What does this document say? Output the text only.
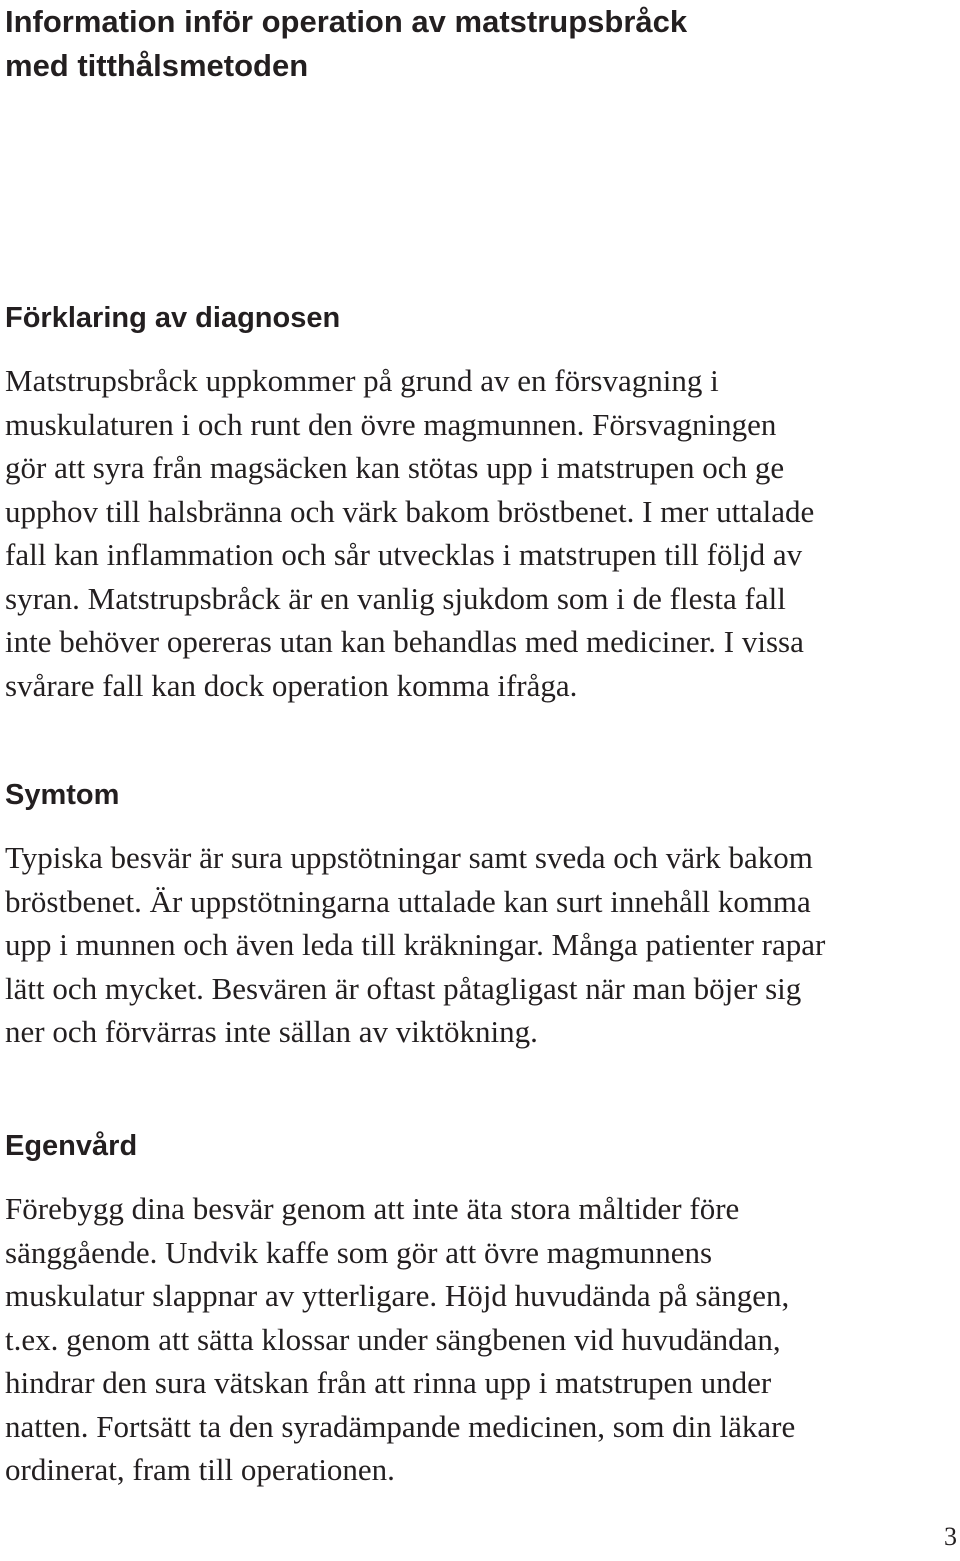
Information inför operation av matstrupsbråck
med titthålsmetoden
Förklaring av diagnosen

Matstrupsbråck uppkommer på grund av en försvagning i
muskulaturen i och runt den övre magmunnen. Försvagningen
gör att syra från magsäcken kan stötas upp i matstrupen och ge
upphov till halsbränna och värk bakom bröstbenet. I mer uttalade
fall kan inflammation och sår utvecklas i matstrupen till följd av
syran. Matstrupsbråck är en vanlig sjukdom som i de flesta fall
inte behöver opereras utan kan behandlas med mediciner. I vissa
svårare fall kan dock operation komma ifråga.

Symtom

Typiska besvär är sura uppstötningar samt sveda och värk bakom
bröstbenet. Är uppstötningarna uttalade kan surt innehåll komma
upp i munnen och även leda till kräkningar. Många patienter rapar
lätt och mycket. Besvären är oftast påtagligast när man böjer sig
ner och förvärras inte sällan av viktökning.

Egenvård

Förebygg dina besvär genom att inte äta stora måltider före
sänggående. Undvik kaffe som gör att övre magmunnens
muskulatur slappnar av ytterligare. Höjd huvudända på sängen,
t.ex. genom att sätta klossar under sängbenen vid huvudändan,
hindrar den sura vätskan från att rinna upp i matstrupen under
natten. Fortsätt ta den syradämpande medicinen, som din läkare
ordinerat, fram till operationen.

3
